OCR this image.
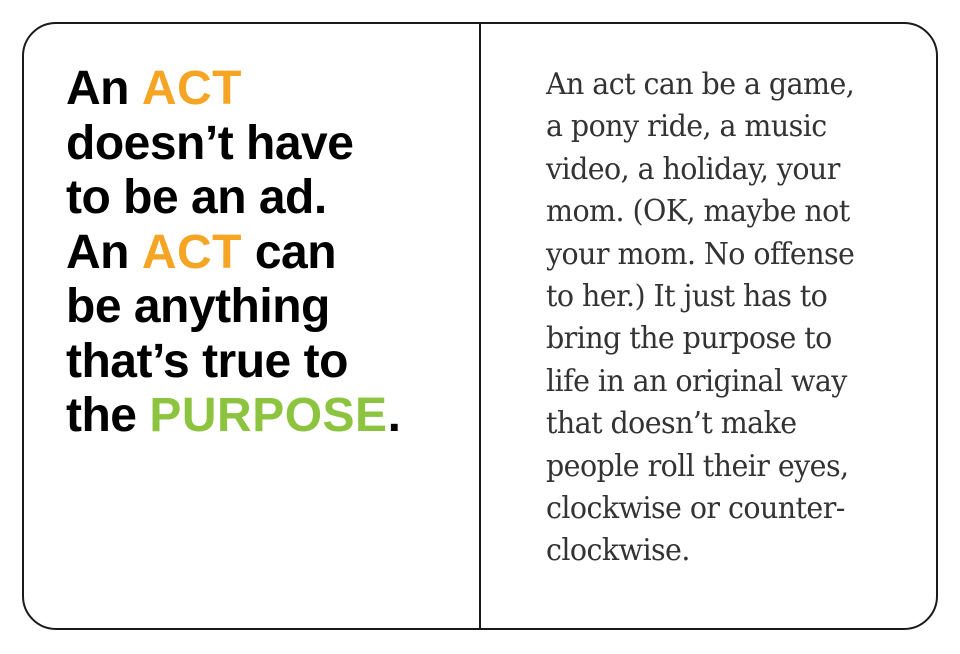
An ACT
doesn’t have
to be an ad.
An ACT can
be anything
that’s true to
the PURPOSE.
An act can be a game,
a pony ride, a music
video, a holiday, your
mom. (OK, maybe not
your mom. No offense
to her.) It just has to
bring the purpose to
life in an original way
that doesn’t make
people roll their eyes,
clockwise or counter-
clockwise.
